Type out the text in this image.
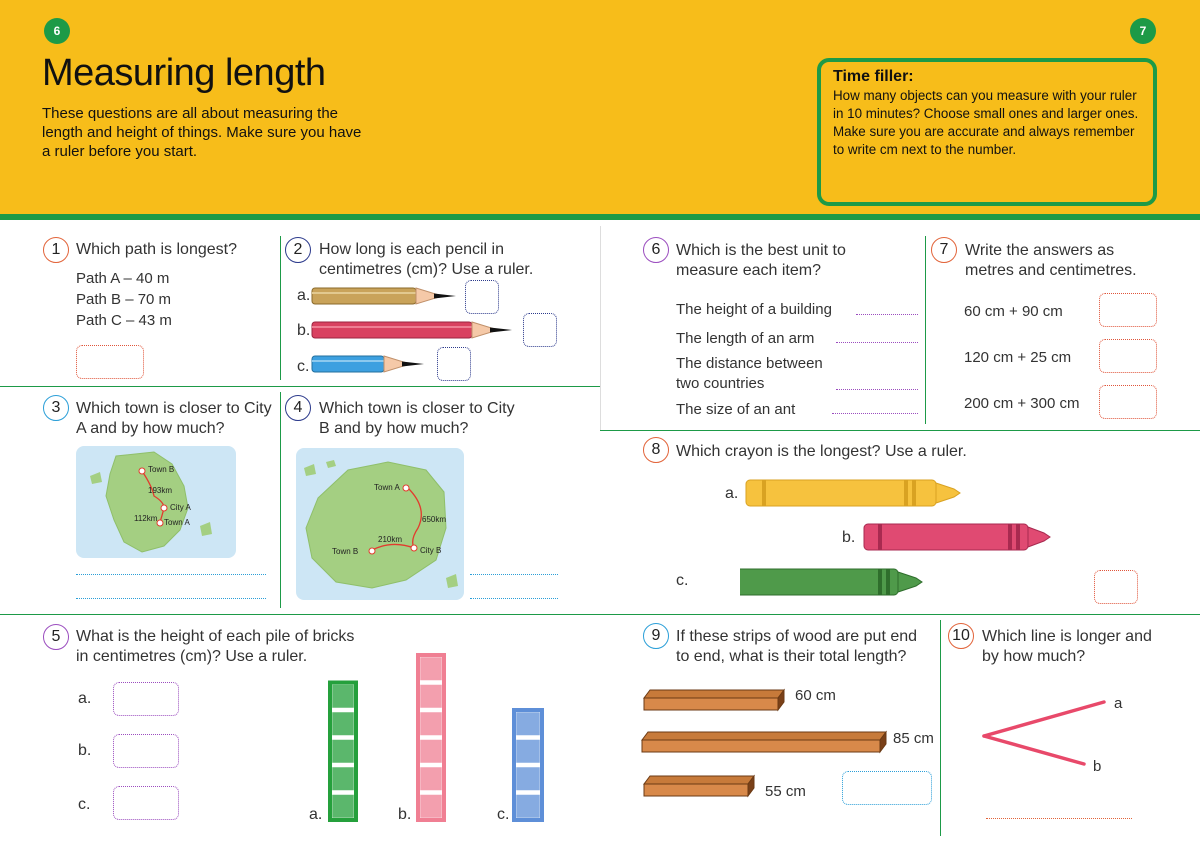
6	7
Measuring length
These questions are all about measuring the length and height of things. Make sure you have a ruler before you start.
Time filler:
How many objects can you measure with your ruler in 10 minutes? Choose small ones and larger ones. Make sure you are accurate and always remember to write cm next to the number.
1 Which path is longest?
Path A – 40 m
Path B – 70 m
Path C – 43 m
2	How long is each pencil in centimetres (cm)? Use a ruler.
a.
b.
c.
3 Which town is closer to City A and by how much?
Town B
City A
Town A
193km
112km
4	Which town is closer to City B and by how much?
Town A
City B
Town B
650km
210km
5 What is the height of each pile of bricks in centimetres (cm)? Use a ruler.
a.
b.
c.
a.	b.	c.
6 Which is the best unit to measure each item?
The height of a building
The length of an arm
The distance between two countries
The size of an ant
7	Write the answers as metres and centimetres.
60 cm + 90 cm
120 cm + 25 cm
200 cm + 300 cm
8 Which crayon is the longest? Use a ruler.
a.
b.
c.
9 If these strips of wood are put end to end, what is their total length?
60 cm
85 cm
55 cm
10 Which line is longer and by how much?
a
b
